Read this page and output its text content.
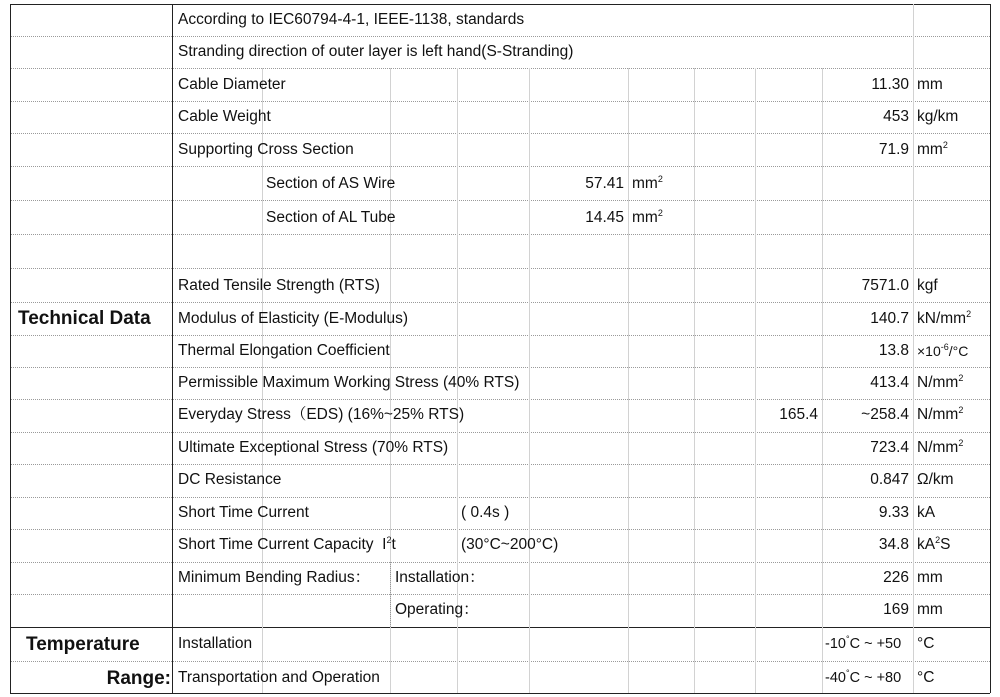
Technical Data
Temperature
Range:
According to IEC60794-4-1, IEEE-1138, standards
Stranding direction of outer layer is left hand(S-Stranding)
Cable Diameter	11.30 mm
Cable Weight	453 kg/km
Supporting Cross Section	71.9 $mm^2$
Section of AS Wire	57.41 $mm^2$
Section of AL Tube	14.45 $mm^2$
Rated Tensile Strength (RTS)	7571.0 kgf
Modulus of Elasticity (E-Modulus)	140.7 $kN/mm^2$
Thermal Elongation Coefficient	$13.8 \times 10^{-6}/^\circ C$
Permissible Maximum Working Stress (40% RTS)	413.4 $N/mm^2$
Everyday Stress（EDS) (16%~25% RTS)	165.4	~258.4 $N/mm^2$
Ultimate Exceptional Stress (70% RTS)	723.4 $N/mm^2$
DC Resistance	0.847 Ω/km
Short Time Current	( 0.4s )	9.33 kA
Short Time Current Capacity $I^2t$	(30°C~200°C)	34.8 $kA^2S$
Minimum Bending Radius： Installation：	226 mm
Operating：	169 mm
Installation	-10°C ~ +50 °C
Transportation and Operation	-40°C ~ +80 °C
